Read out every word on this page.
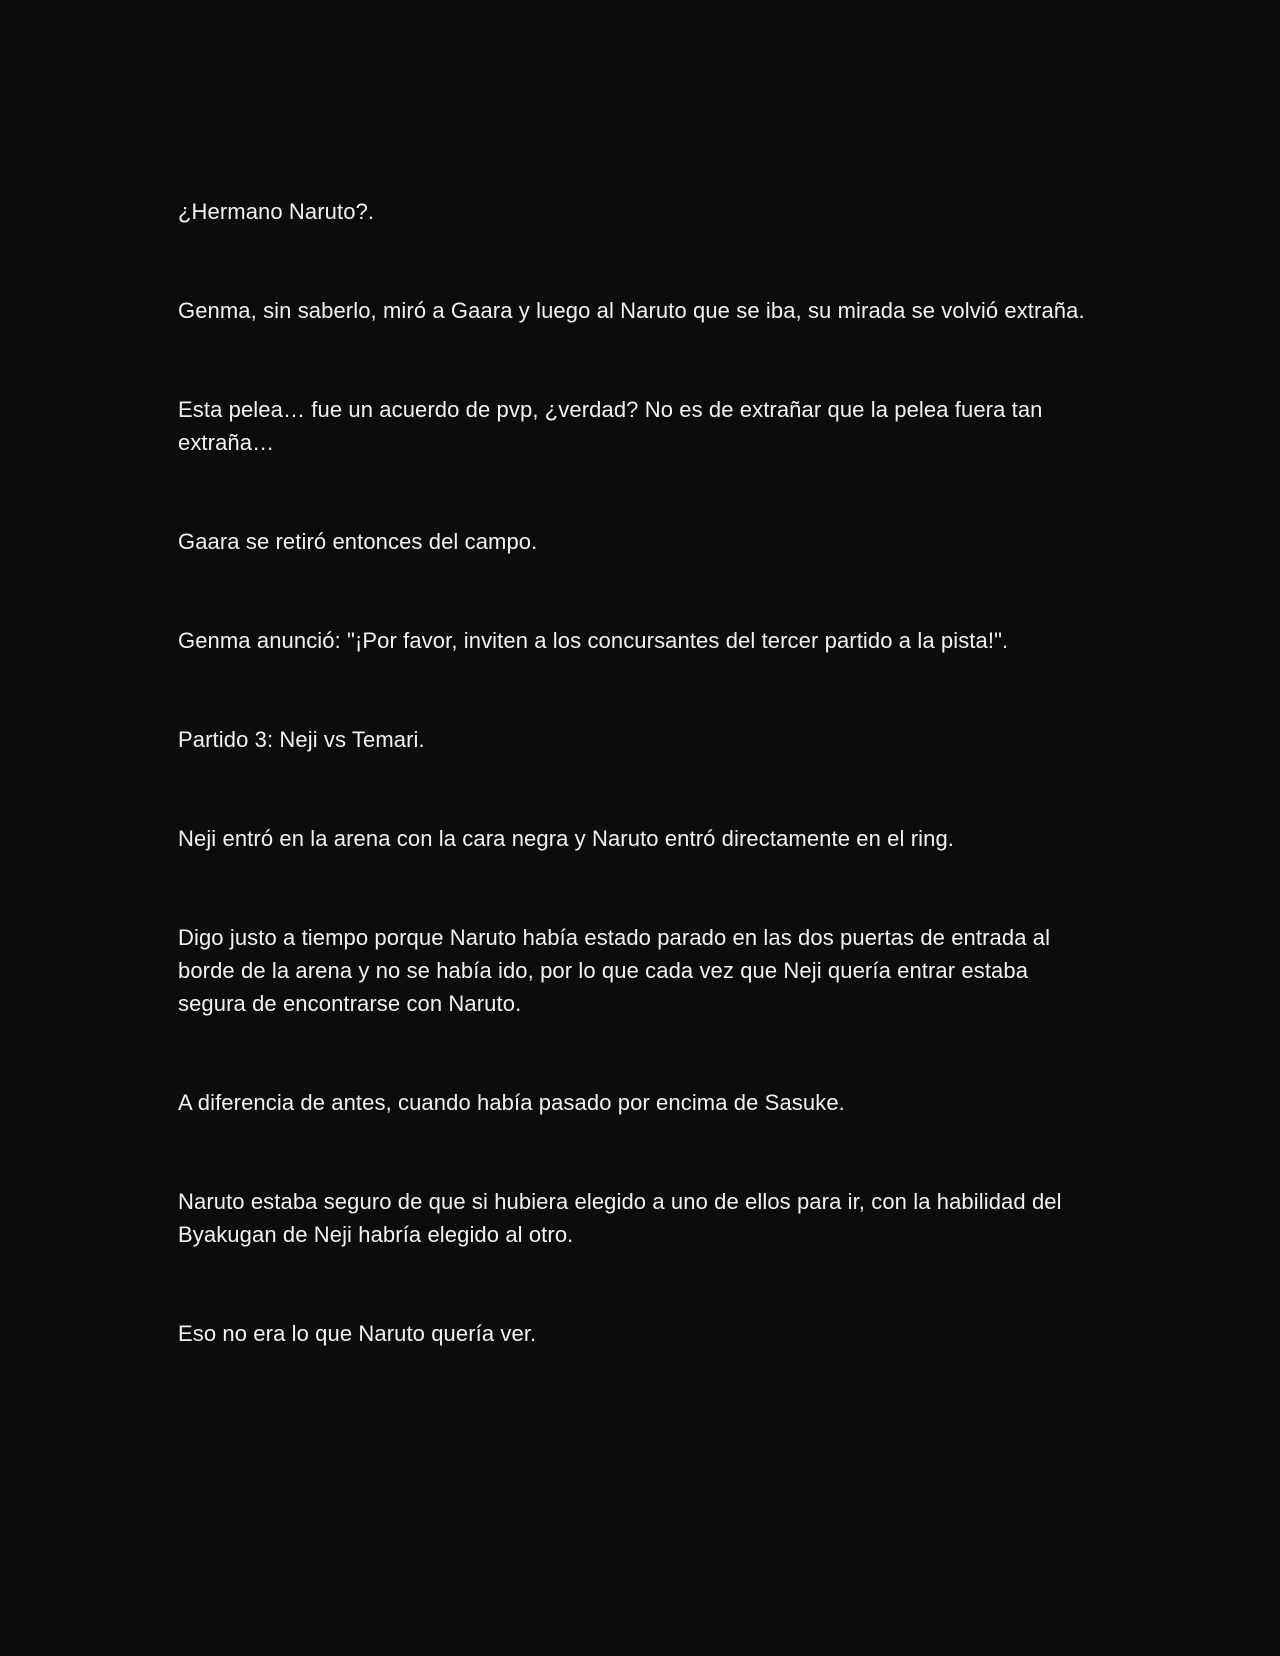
¿Hermano Naruto?.

Genma, sin saberlo, miró a Gaara y luego al Naruto que se iba, su mirada se volvió extraña.

Esta pelea… fue un acuerdo de pvp, ¿verdad? No es de extrañar que la pelea fuera tan extraña…

Gaara se retiró entonces del campo.

Genma anunció: "¡Por favor, inviten a los concursantes del tercer partido a la pista!".

Partido 3: Neji vs Temari.

Neji entró en la arena con la cara negra y Naruto entró directamente en el ring.

Digo justo a tiempo porque Naruto había estado parado en las dos puertas de entrada al borde de la arena y no se había ido, por lo que cada vez que Neji quería entrar estaba segura de encontrarse con Naruto.

A diferencia de antes, cuando había pasado por encima de Sasuke.

Naruto estaba seguro de que si hubiera elegido a uno de ellos para ir, con la habilidad del Byakugan de Neji habría elegido al otro.

Eso no era lo que Naruto quería ver.
